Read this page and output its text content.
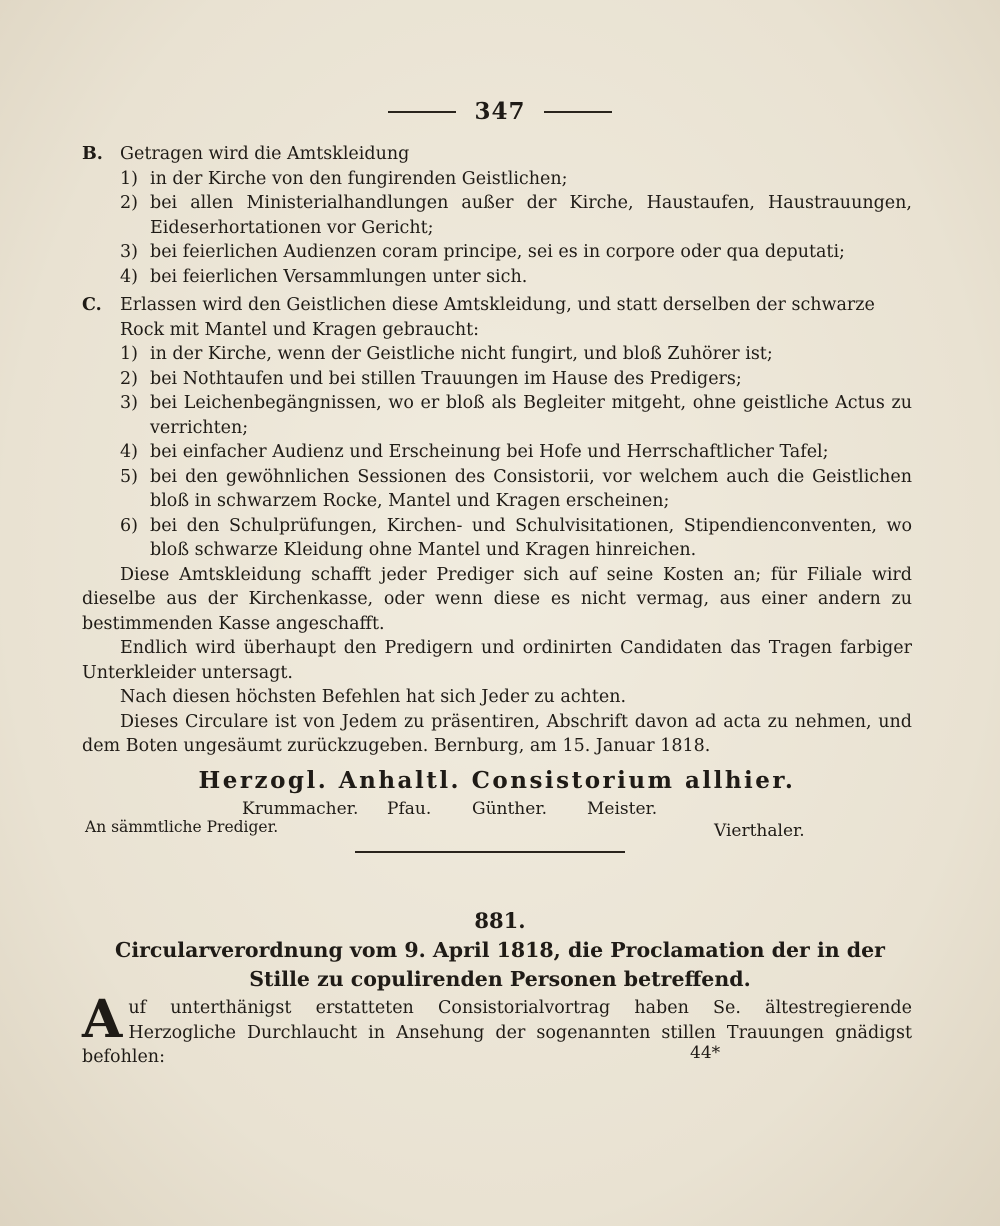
347
B. Getragen wird die Amtskleidung
1) in der Kirche von den fungirenden Geistlichen;
2) bei allen Ministerialhandlungen außer der Kirche, Haustaufen, Haustrauungen, Eideserhortationen vor Gericht;
3) bei feierlichen Audienzen coram principe, sei es in corpore oder qua deputati;
4) bei feierlichen Versammlungen unter sich.
C. Erlassen wird den Geistlichen diese Amtskleidung, und statt derselben der schwarze Rock mit Mantel und Kragen gebraucht:
1) in der Kirche, wenn der Geistliche nicht fungirt, und bloß Zuhörer ist;
2) bei Nothtaufen und bei stillen Trauungen im Hause des Predigers;
3) bei Leichenbegängnissen, wo er bloß als Begleiter mitgeht, ohne geistliche Actus zu verrichten;
4) bei einfacher Audienz und Erscheinung bei Hofe und Herrschaftlicher Tafel;
5) bei den gewöhnlichen Sessionen des Consistorii, vor welchem auch die Geistlichen bloß in schwarzem Rocke, Mantel und Kragen erscheinen;
6) bei den Schulprüfungen, Kirchen- und Schulvisitationen, Stipendienconventen, wo bloß schwarze Kleidung ohne Mantel und Kragen hinreichen.

Diese Amtskleidung schafft jeder Prediger sich auf seine Kosten an; für Filiale wird dieselbe aus der Kirchenkasse, oder wenn diese es nicht vermag, aus einer andern zu bestimmenden Kasse angeschafft.

Endlich wird überhaupt den Predigern und ordinirten Candidaten das Tragen farbiger Unterkleider untersagt.

Nach diesen höchsten Befehlen hat sich Jeder zu achten.

Dieses Circulare ist von Jedem zu präsentiren, Abschrift davon ad acta zu nehmen, und dem Boten ungesäumt zurückzugeben. Bernburg, am 15. Januar 1818.

Herzogl. Anhaltl. Consistorium allhier.
Krummacher. Pfau. Günther. Meister.
Vierthaler.
An sämmtliche Prediger.
881.
Circularverordnung vom 9. April 1818, die Proclamation der in der Stille zu copulirenden Personen betreffend.
A uf unterthänigst erstatteten Consistorialvortrag haben Se. ältestregierende Herzogliche Durchlaucht in Ansehung der sogenannten stillen Trauungen gnädigst befohlen:	44*
